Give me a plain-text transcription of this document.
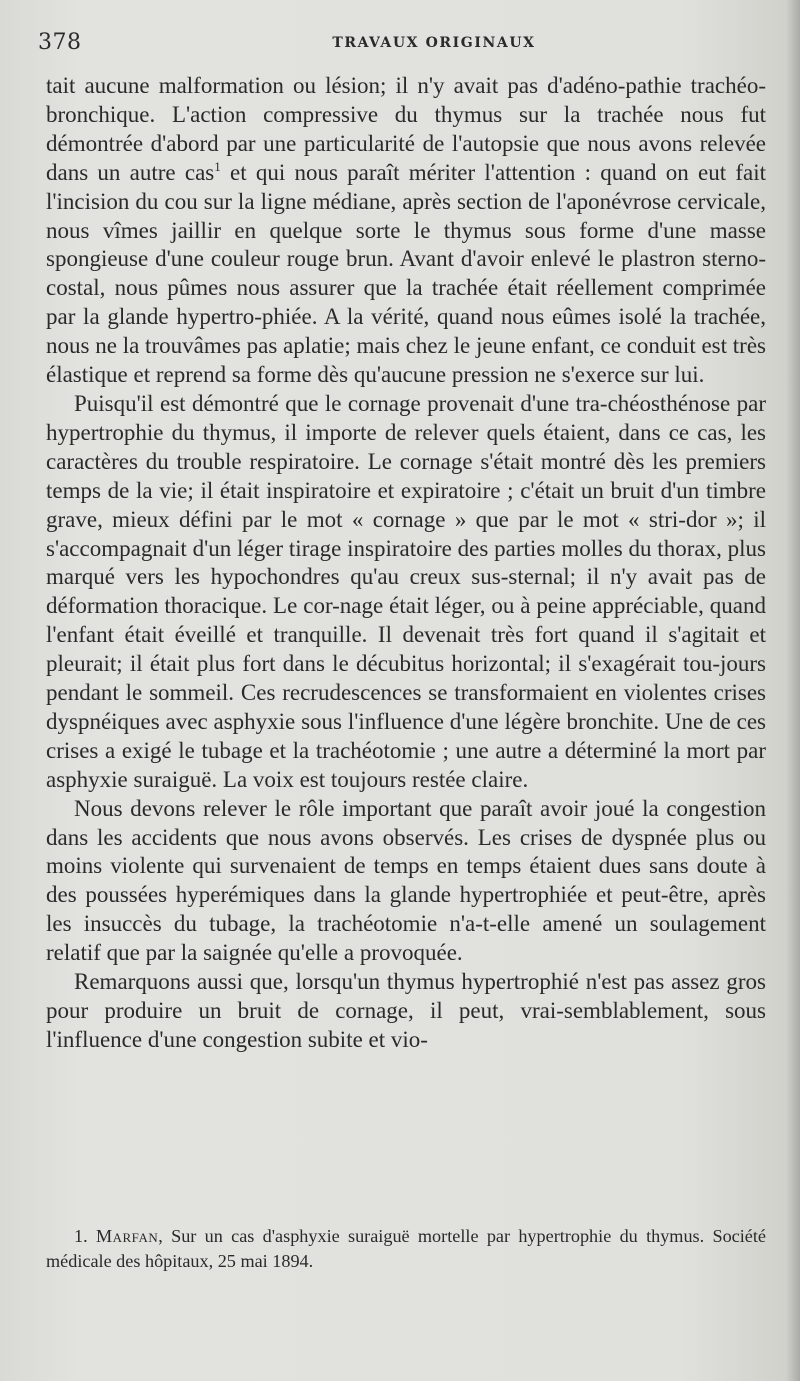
378	TRAVAUX ORIGINAUX

tait aucune malformation ou lésion; il n'y avait pas d'adéno-pathie trachéo-bronchique. L'action compressive du thymus sur la trachée nous fut démontrée d'abord par une particularité de l'autopsie que nous avons relevée dans un autre cas$^1$ et qui nous paraît mériter l'attention : quand on eut fait l'incision du cou sur la ligne médiane, après section de l'aponévrose cervicale, nous vîmes jaillir en quelque sorte le thymus sous forme d'une masse spongieuse d'une couleur rouge brun. Avant d'avoir enlevé le plastron sterno-costal, nous pûmes nous assurer que la trachée était réellement comprimée par la glande hypertro-phiée. A la vérité, quand nous eûmes isolé la trachée, nous ne la trouvâmes pas aplatie; mais chez le jeune enfant, ce conduit est très élastique et reprend sa forme dès qu'aucune pression ne s'exerce sur lui.

Puisqu'il est démontré que le cornage provenait d'une tra-chéosthénose par hypertrophie du thymus, il importe de relever quels étaient, dans ce cas, les caractères du trouble respiratoire. Le cornage s'était montré dès les premiers temps de la vie; il était inspiratoire et expiratoire ; c'était un bruit d'un timbre grave, mieux défini par le mot « cornage » que par le mot « stri-dor »; il s'accompagnait d'un léger tirage inspiratoire des parties molles du thorax, plus marqué vers les hypochondres qu'au creux sus-sternal; il n'y avait pas de déformation thoracique. Le cor-nage était léger, ou à peine appréciable, quand l'enfant était éveillé et tranquille. Il devenait très fort quand il s'agitait et pleurait; il était plus fort dans le décubitus horizontal; il s'exagérait tou-jours pendant le sommeil. Ces recrudescences se transformaient en violentes crises dyspnéiques avec asphyxie sous l'influence d'une légère bronchite. Une de ces crises a exigé le tubage et la trachéotomie ; une autre a déterminé la mort par asphyxie suraiguë. La voix est toujours restée claire.

Nous devons relever le rôle important que paraît avoir joué la congestion dans les accidents que nous avons observés. Les crises de dyspnée plus ou moins violente qui survenaient de temps en temps étaient dues sans doute à des poussées hyperémiques dans la glande hypertrophiée et peut-être, après les insuccès du tubage, la trachéotomie n'a-t-elle amené un soulagement relatif que par la saignée qu'elle a provoquée.

Remarquons aussi que, lorsqu'un thymus hypertrophié n'est pas assez gros pour produire un bruit de cornage, il peut, vrai-semblablement, sous l'influence d'une congestion subite et vio-

1. Marfan, Sur un cas d'asphyxie suraiguë mortelle par hypertrophie du thymus. Société médicale des hôpitaux, 25 mai 1894.
